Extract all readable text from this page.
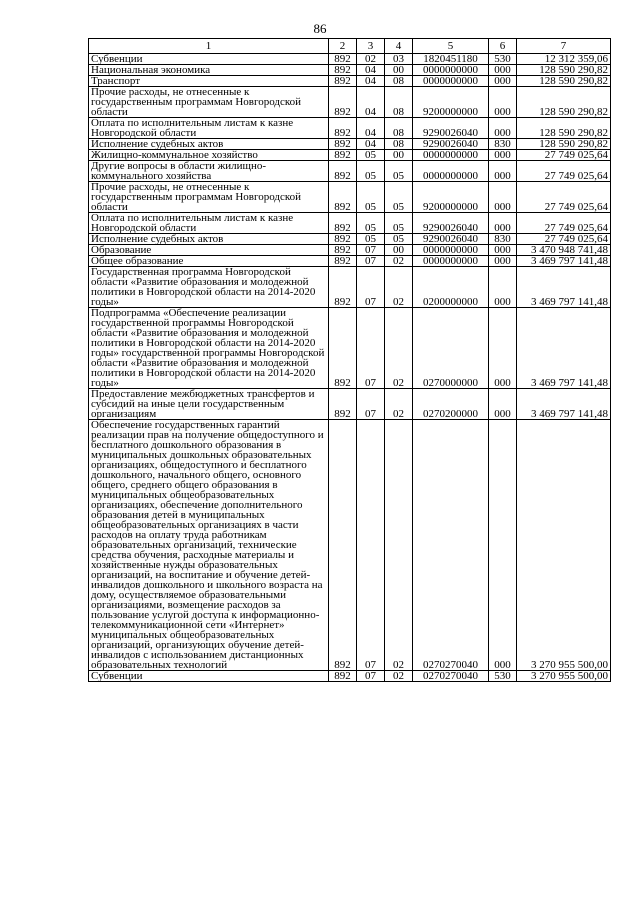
86
1	2	3	4	5	6	7
Субвенции	892	02	03	1820451180	530	12 312 359,06
Национальная экономика	892	04	00	0000000000	000	128 590 290,82
Транспорт	892	04	08	0000000000	000	128 590 290,82
Прочие расходы, не отнесенные к государственным программам Новгородской области	892	04	08	9200000000	000	128 590 290,82
Оплата по исполнительным листам к казне Новгородской области	892	04	08	9290026040	000	128 590 290,82
Исполнение судебных актов	892	04	08	9290026040	830	128 590 290,82
Жилищно-коммунальное хозяйство	892	05	00	0000000000	000	27 749 025,64
Другие вопросы в области жилищно-коммунального хозяйства	892	05	05	0000000000	000	27 749 025,64
Прочие расходы, не отнесенные к государственным программам Новгородской области	892	05	05	9200000000	000	27 749 025,64
Оплата по исполнительным листам к казне Новгородской области	892	05	05	9290026040	000	27 749 025,64
Исполнение судебных актов	892	05	05	9290026040	830	27 749 025,64
Образование	892	07	00	0000000000	000	3 470 948 741,48
Общее образование	892	07	02	0000000000	000	3 469 797 141,48
Государственная программа Новгородской области «Развитие образования и молодежной политики в Новгородской области на 2014-2020 годы»	892	07	02	0200000000	000	3 469 797 141,48
Подпрограмма «Обеспечение реализации государственной программы Новгородской области «Развитие образования и молодежной политики в Новгородской области на 2014-2020 годы» государственной программы Новгородской области «Развитие образования и молодежной политики в Новгородской области на 2014-2020 годы»	892	07	02	0270000000	000	3 469 797 141,48
Предоставление межбюджетных трансфертов и субсидий на иные цели государственным организациям	892	07	02	0270200000	000	3 469 797 141,48
Обеспечение государственных гарантий реализации прав на получение общедоступного и бесплатного дошкольного образования в муниципальных дошкольных образовательных организациях, общедоступного и бесплатного дошкольного, начального общего, основного общего, среднего общего образования в муниципальных общеобразовательных организациях, обеспечение дополнительного образования детей в муниципальных общеобразовательных организациях в части расходов на оплату труда работникам образовательных организаций, технические средства обучения, расходные материалы и хозяйственные нужды образовательных организаций, на воспитание и обучение детей-инвалидов дошкольного и школьного возраста на дому, осуществляемое образовательными организациями, возмещение расходов за пользование услугой доступа к информационно-телекоммуникационной сети «Интернет» муниципальных общеобразовательных организаций, организующих обучение детей-инвалидов с использованием дистанционных образовательных технологий	892	07	02	0270270040	000	3 270 955 500,00
Субвенции	892	07	02	0270270040	530	3 270 955 500,00
